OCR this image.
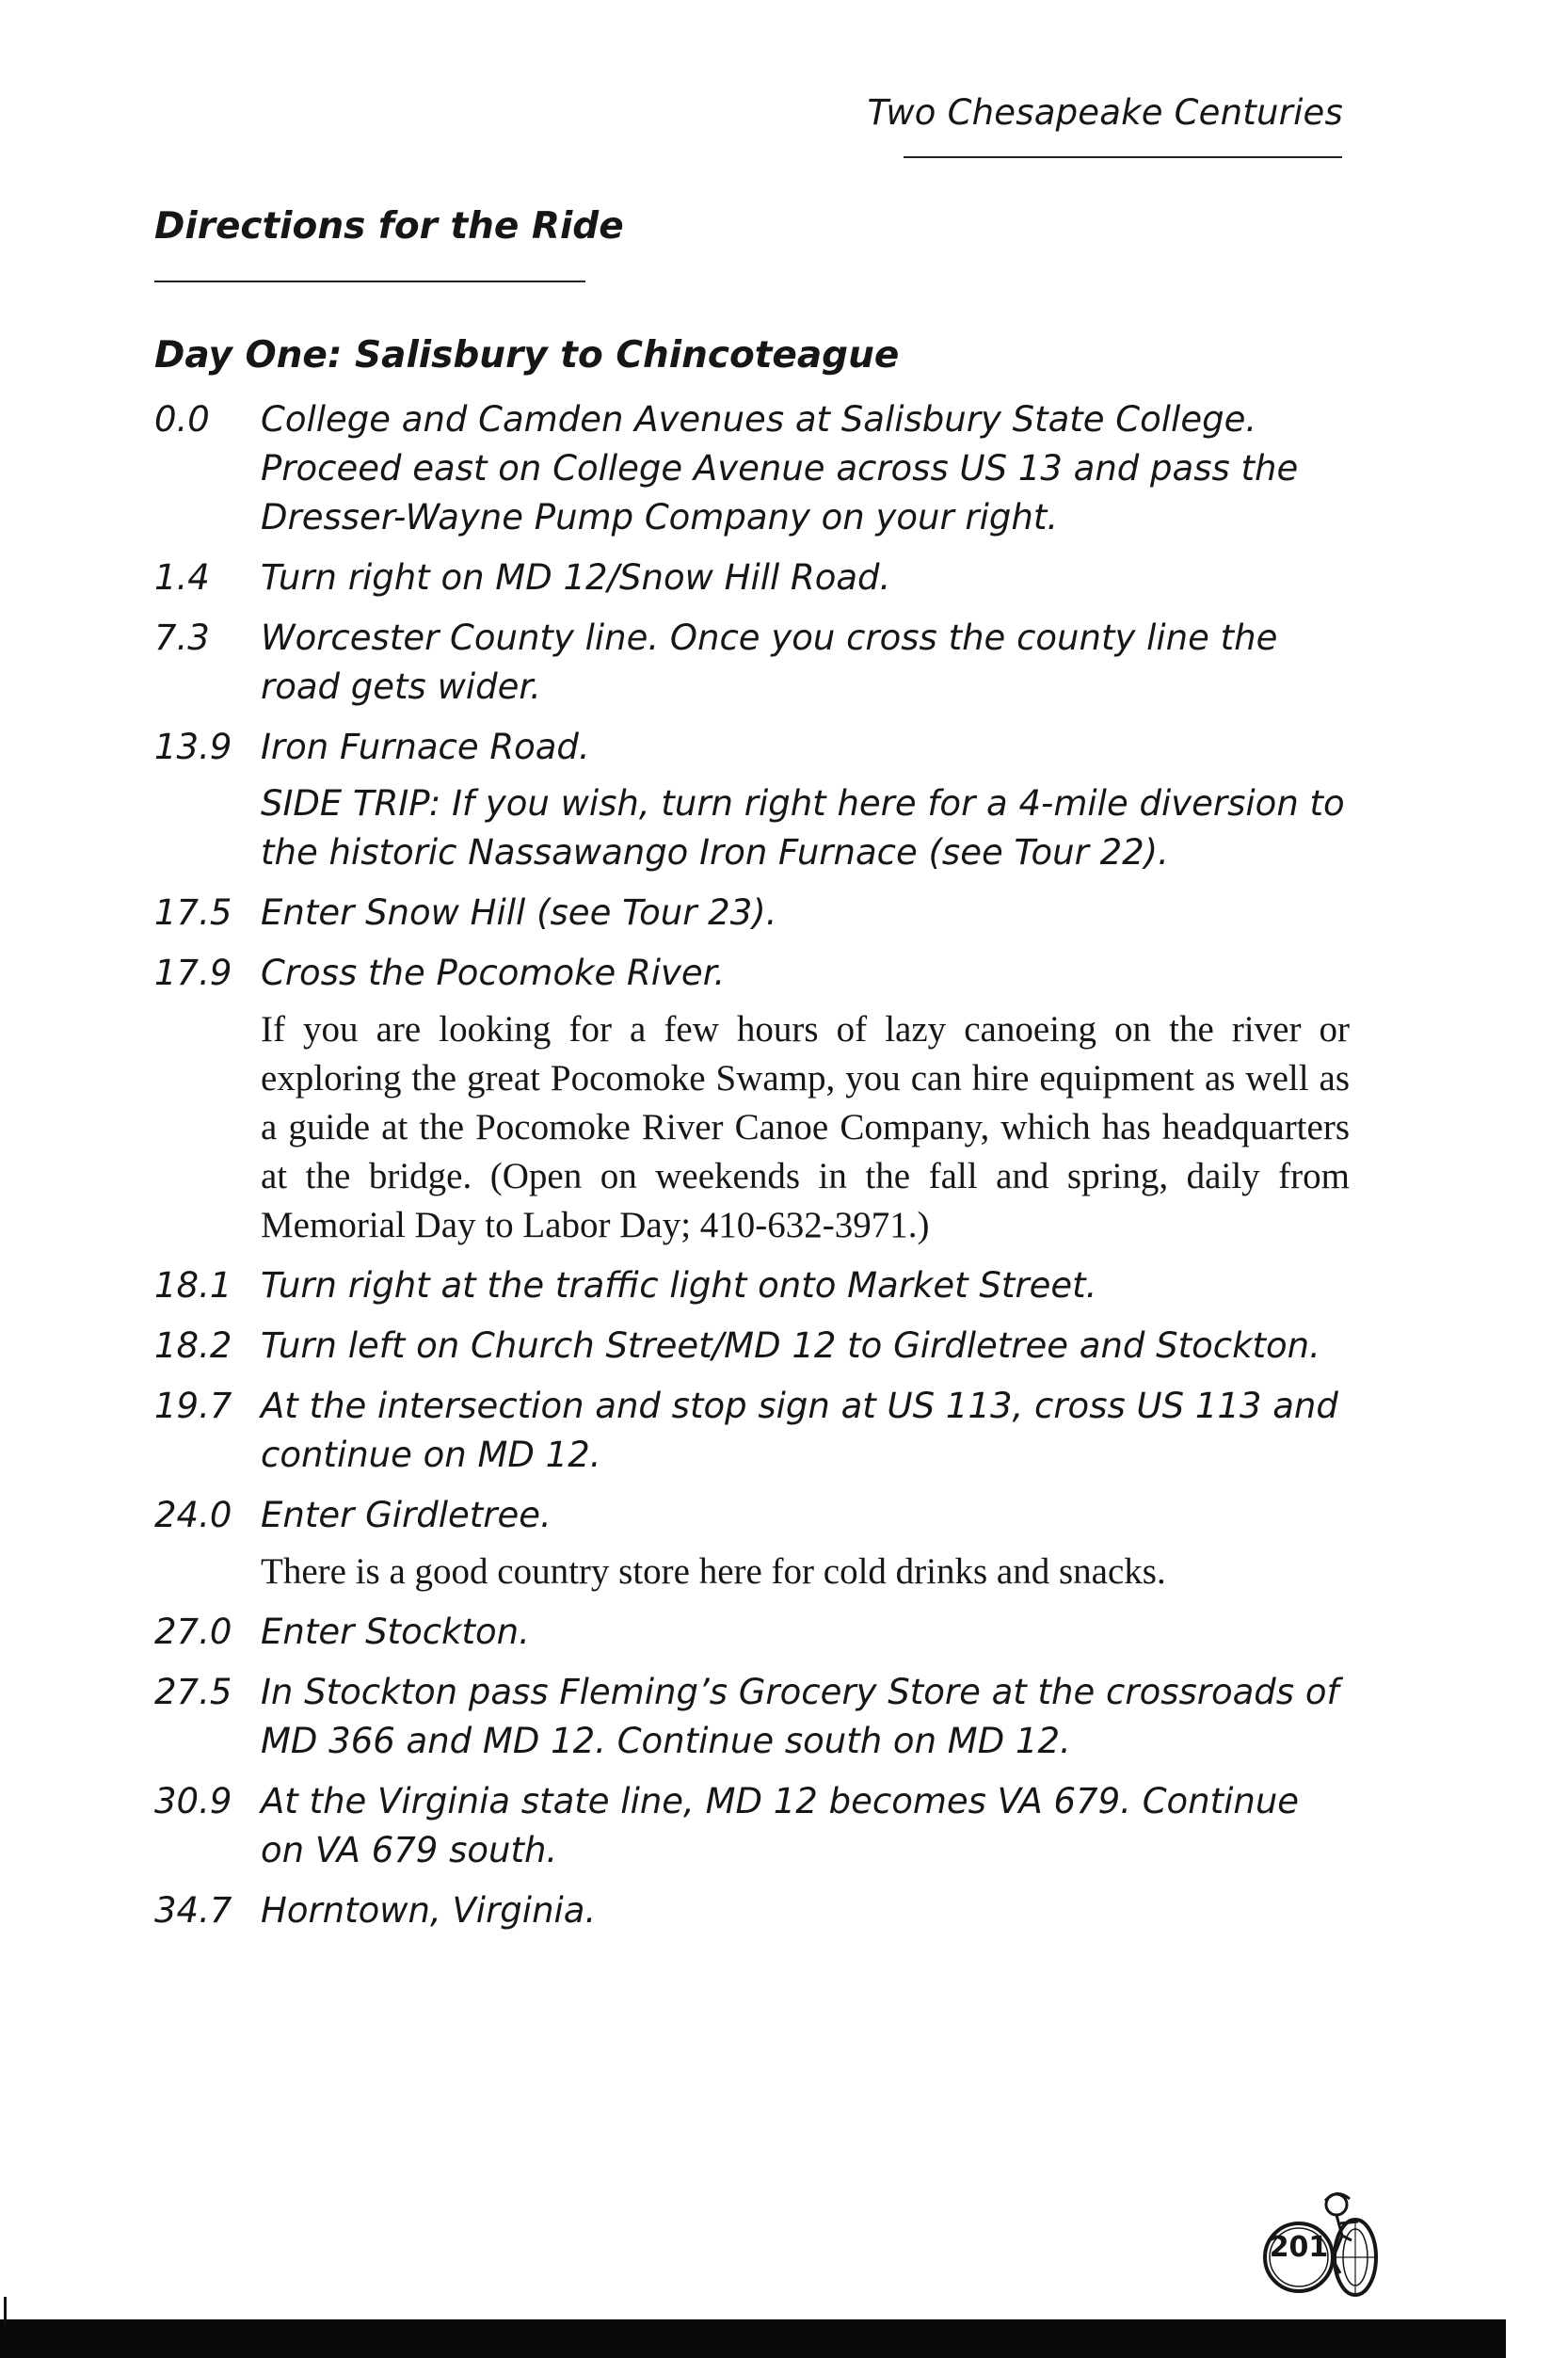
Two Chesapeake Centuries
Directions for the Ride
Day One: Salisbury to Chincoteague
0.0	College and Camden Avenues at Salisbury State College. Proceed east on College Avenue across US 13 and pass the Dresser-Wayne Pump Company on your right.
1.4	Turn right on MD 12/Snow Hill Road.
7.3	Worcester County line. Once you cross the county line the road gets wider.
13.9 Iron Furnace Road.
SIDE TRIP: If you wish, turn right here for a 4-mile diversion to the historic Nassawango Iron Furnace (see Tour 22).
17.5 Enter Snow Hill (see Tour 23).
17.9 Cross the Pocomoke River.
If you are looking for a few hours of lazy canoeing on the river or exploring the great Pocomoke Swamp, you can hire equipment as well as a guide at the Pocomoke River Canoe Company, which has headquarters at the bridge. (Open on weekends in the fall and spring, daily from Memorial Day to Labor Day; 410-632-3971.)
18.1 Turn right at the traffic light onto Market Street.
18.2 Turn left on Church Street/MD 12 to Girdletree and Stockton.
19.7 At the intersection and stop sign at US 113, cross US 113 and continue on MD 12.
24.0 Enter Girdletree.
There is a good country store here for cold drinks and snacks.
27.0 Enter Stockton.
27.5 In Stockton pass Fleming’s Grocery Store at the crossroads of MD 366 and MD 12. Continue south on MD 12.
30.9 At the Virginia state line, MD 12 becomes VA 679. Continue on VA 679 south.
34.7 Horntown, Virginia.
201
